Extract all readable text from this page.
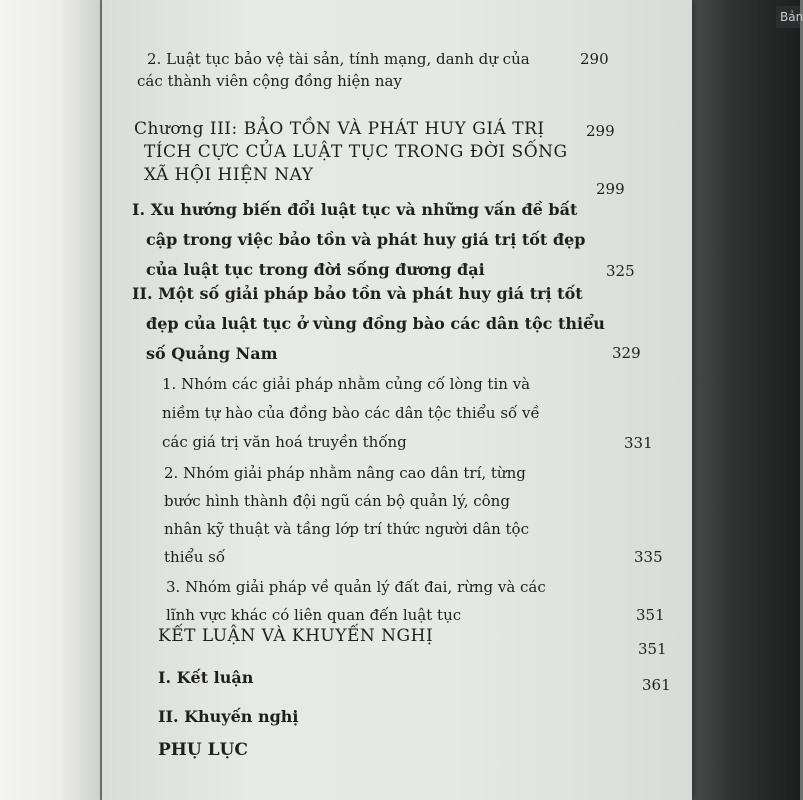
Bản
2. Luật tục bảo vệ tài sản, tính mạng, danh dự của
các thành viên cộng đồng hiện nay
290
Chương III: BẢO TỒN VÀ PHÁT HUY GIÁ TRỊ
TÍCH CỰC CỦA LUẬT TỤC TRONG ĐỜI SỐNG
XÃ HỘI HIỆN NAY
299
I. Xu hướng biến đổi luật tục và những vấn đề bất
cập trong việc bảo tồn và phát huy giá trị tốt đẹp
của luật tục trong đời sống đương đại
299
II. Một số giải pháp bảo tồn và phát huy giá trị tốt
đẹp của luật tục ở vùng đồng bào các dân tộc thiểu
số Quảng Nam
325
1. Nhóm các giải pháp nhằm củng cố lòng tin và
niềm tự hào của đồng bào các dân tộc thiểu số về
các giá trị văn hoá truyền thống
329
2. Nhóm giải pháp nhằm nâng cao dân trí, từng
bước hình thành đội ngũ cán bộ quản lý, công
nhân kỹ thuật và tầng lớp trí thức người dân tộc
thiểu số
331
3. Nhóm giải pháp về quản lý đất đai, rừng và các
lĩnh vực khác có liên quan đến luật tục
335
KẾT LUẬN VÀ KHUYẾN NGHỊ
351
I. Kết luận
351
II. Khuyến nghị
361
PHỤ LỤC
